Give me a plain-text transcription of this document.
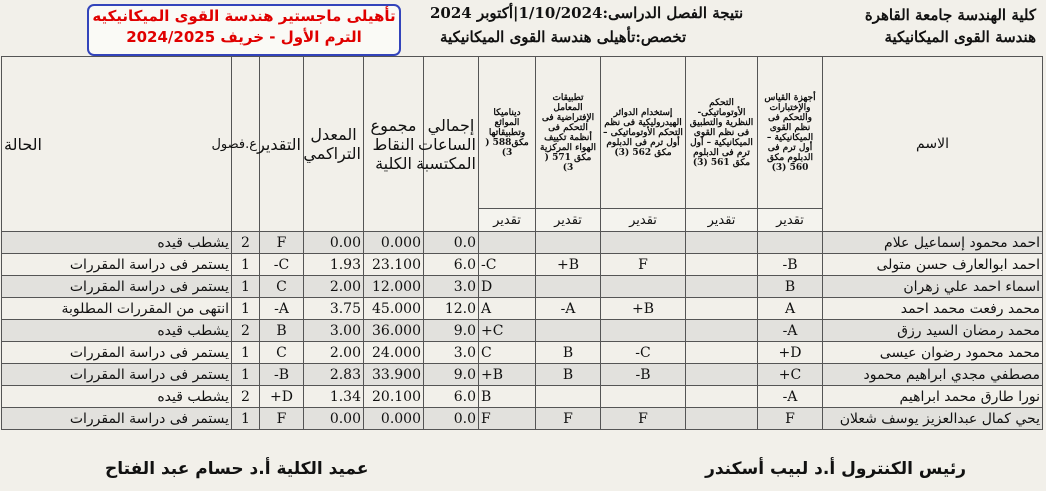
كلية الهندسة جامعة القاهرة
هندسة القوى الميكانيكية
نتيجة الفصل الدراسى:1/10/2024|أكتوبر 2024
تخصص:تأهيلى هندسة القوى الميكانيكية
تأهيلى ماجستير هندسة القوى الميكانيكيه
الترم الأول - خريف 2024/2025
الاسم	أجهزة القياس والإختبارات والتحكم فى نظم القوى الميكانيكية – أول ترم فى الدبلوم مكق 560 (3)	التحكم الأوتوماتيكى- النظرية والتطبيق فى نظم القوى الميكانيكية – أول ترم فى الدبلوم مكق 561 (3)	إستخدام الدوائر الهيدروليكية فى نظم التحكم الأوتوماتيكى – أول ترم فى الدبلوم مكق 562 (3)	تطبيقات المعامل الإفتراضية فى التحكم فى أنظمة تكييف الهواء المركزية مكق 571 ( 3)	ديناميكا الموائع وتطبيقاتها مكق588 ( 3)	إجمالي الساعات المكتسبة	مجموع النقاط الكلية	المعدل التراكمي	التقدير	ع.فصول	الحالة
	تقدير	تقدير	تقدير	تقدير	تقدير						
احمد محمود إسماعيل علام						0.0	0.000	0.00	F	2	يشطب قيده
احمد ابوالعارف حسن متولى	B-		F	B+	C-	6.0	23.100	1.93	C-	1	يستمر فى دراسة المقررات
اسماء احمد علي زهران	B				D	3.0	12.000	2.00	C	1	يستمر فى دراسة المقررات
محمد رفعت محمد احمد	A		B+	A-	A	12.0	45.000	3.75	A-	1	انتهى من المقررات المطلوبة
محمد رمضان السيد رزق	A-				C+	9.0	36.000	3.00	B	2	يشطب قيده
محمد محمود رضوان عيسى	D+		C-	B	C	3.0	24.000	2.00	C	1	يستمر فى دراسة المقررات
مصطفي مجدي ابراهيم محمود	C+		B-	B	B+	9.0	33.900	2.83	B-	1	يستمر فى دراسة المقررات
نورا طارق محمد ابراهيم	A-				B	6.0	20.100	1.34	D+	2	يشطب قيده
يحي كمال عبدالعزيز يوسف شعلان	F		F	F	F	0.0	0.000	0.00	F	1	يستمر فى دراسة المقررات
رئيس الكنترول أ.د لبيب أسكندر
عميد الكلية أ.د حسام عبد الفتاح
